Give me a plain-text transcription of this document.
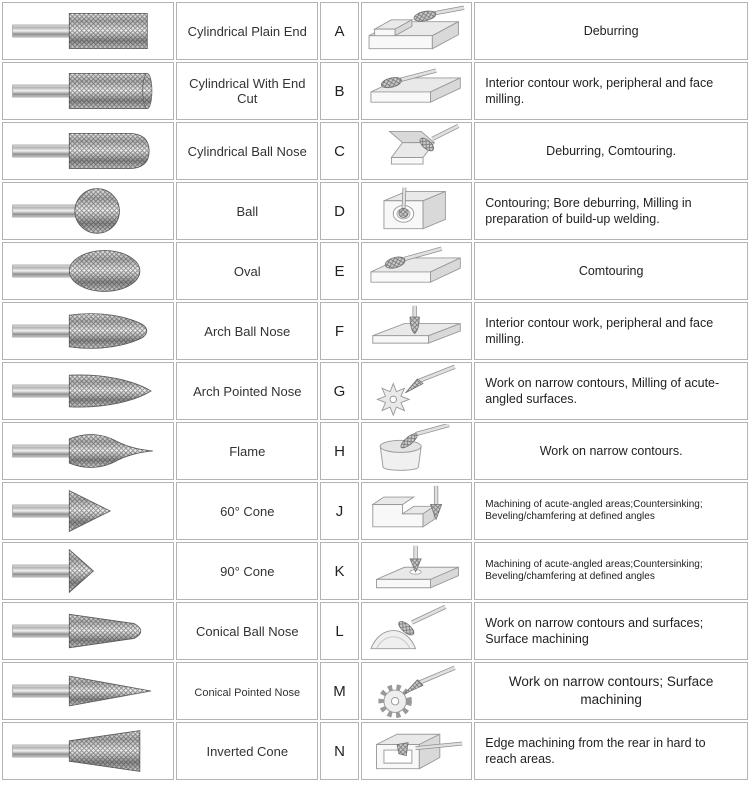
	Cylindrical Plain End	A		Deburring

	Cylindrical With End Cut	B		Interior contour work, peripheral and face milling.

	Cylindrical Ball Nose	C		Deburring, Comtouring.

	Ball	D		Contouring; Bore deburring, Milling in preparation of build-up welding.

	Oval	E		Comtouring

	Arch Ball Nose	F		Interior contour work, peripheral and face milling.

	Arch Pointed Nose	G		Work on narrow contours, Milling of acute-angled surfaces.

	Flame	H		Work on narrow contours.

	60° Cone	J		Machining of acute-angled areas;Countersinking; Beveling/chamfering at defined angles

	90° Cone	K		Machining of acute-angled areas;Countersinking; Beveling/chamfering at defined angles

	Conical Ball Nose	L		Work on narrow contours and surfaces; Surface machining

	Conical Pointed Nose	M		Work on narrow contours; Surface machining

	Inverted Cone	N		Edge machining from the rear in hard to reach areas.
